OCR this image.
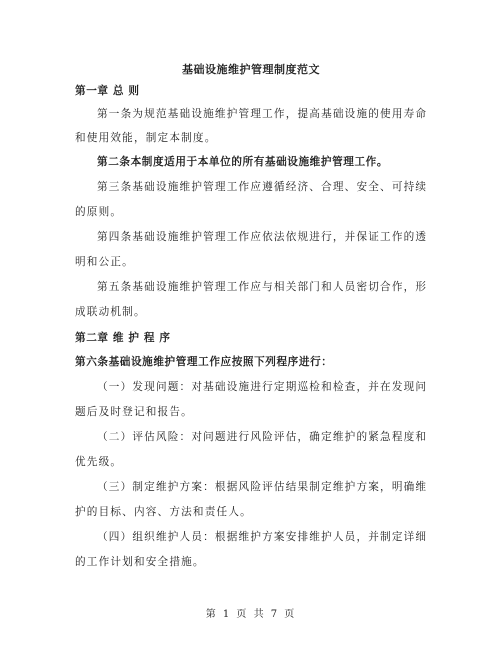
基础设施维护管理制度范文
第一章 总 则
第一条为规范基础设施维护管理工作，提高基础设施的使用寿命
和使用效能，制定本制度。
第二条本制度适用于本单位的所有基础设施维护管理工作。
第三条基础设施维护管理工作应遵循经济、合理、安全、可持续
的原则。
第四条基础设施维护管理工作应依法依规进行，并保证工作的透
明和公正。
第五条基础设施维护管理工作应与相关部门和人员密切合作，形
成联动机制。
第二章 维 护 程 序
第六条基础设施维护管理工作应按照下列程序进行：
（一）发现问题：对基础设施进行定期巡检和检查，并在发现问
题后及时登记和报告。
（二）评估风险：对问题进行风险评估，确定维护的紧急程度和
优先级。
（三）制定维护方案：根据风险评估结果制定维护方案，明确维
护的目标、内容、方法和责任人。
（四）组织维护人员：根据维护方案安排维护人员，并制定详细
的工作计划和安全措施。
第 1 页 共 7 页
